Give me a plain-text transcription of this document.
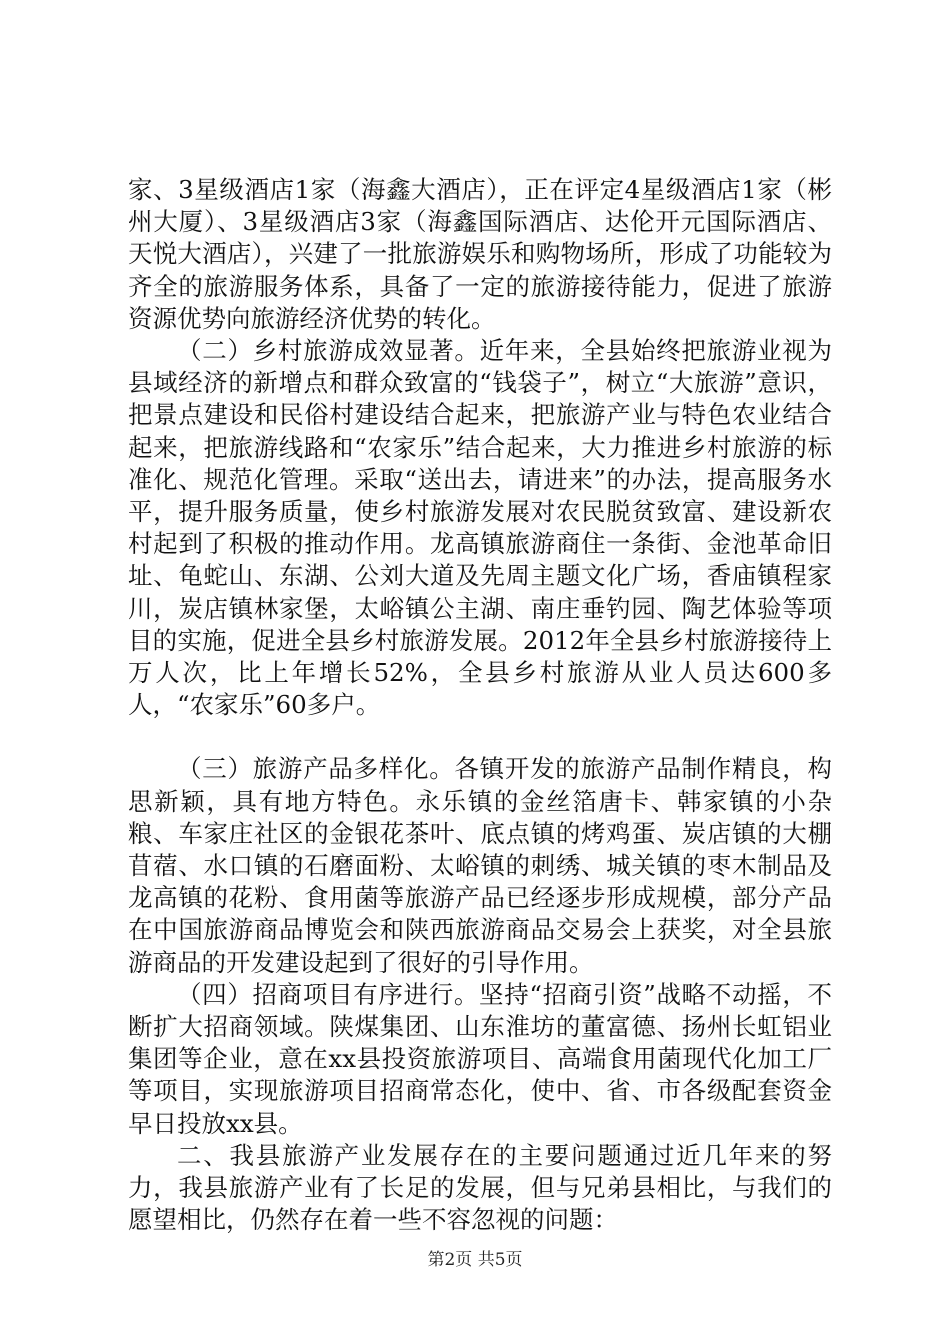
家、3星级酒店1家（海鑫大酒店），正在评定4星级酒店1家（彬州大厦）、3星级酒店3家（海鑫国际酒店、达伦开元国际酒店、天悦大酒店），兴建了一批旅游娱乐和购物场所，形成了功能较为齐全的旅游服务体系，具备了一定的旅游接待能力，促进了旅游资源优势向旅游经济优势的转化。

（二）乡村旅游成效显著。近年来，全县始终把旅游业视为县域经济的新增点和群众致富的“钱袋子”，树立“大旅游”意识，把景点建设和民俗村建设结合起来，把旅游产业与特色农业结合起来，把旅游线路和“农家乐”结合起来，大力推进乡村旅游的标准化、规范化管理。采取“送出去，请进来”的办法，提高服务水平，提升服务质量，使乡村旅游发展对农民脱贫致富、建设新农村起到了积极的推动作用。龙高镇旅游商住一条街、金池革命旧址、龟蛇山、东湖、公刘大道及先周主题文化广场，香庙镇程家川，炭店镇林家堡，太峪镇公主湖、南庄垂钓园、陶艺体验等项目的实施，促进全县乡村旅游发展。2012年全县乡村旅游接待上万人次，比上年增长52%，全县乡村旅游从业人员达600多人，“农家乐”60多户。

（三）旅游产品多样化。各镇开发的旅游产品制作精良，构思新颖，具有地方特色。永乐镇的金丝箔唐卡、韩家镇的小杂粮、车家庄社区的金银花茶叶、底点镇的烤鸡蛋、炭店镇的大棚苜蓿、水口镇的石磨面粉、太峪镇的刺绣、城关镇的枣木制品及龙高镇的花粉、食用菌等旅游产品已经逐步形成规模，部分产品在中国旅游商品博览会和陕西旅游商品交易会上获奖，对全县旅游商品的开发建设起到了很好的引导作用。

（四）招商项目有序进行。坚持“招商引资”战略不动摇，不断扩大招商领域。陕煤集团、山东淮坊的董富德、扬州长虹铝业集团等企业，意在xx县投资旅游项目、高端食用菌现代化加工厂等项目，实现旅游项目招商常态化，使中、省、市各级配套资金早日投放xx县。

二、我县旅游产业发展存在的主要问题通过近几年来的努力，我县旅游产业有了长足的发展，但与兄弟县相比，与我们的愿望相比，仍然存在着一些不容忽视的问题：

第2页 共5页
